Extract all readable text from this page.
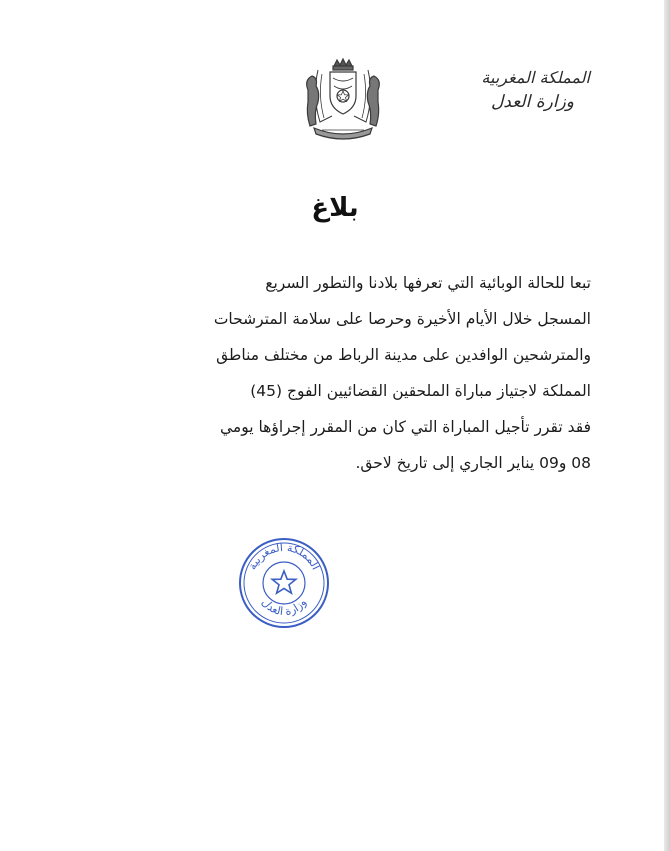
المملكة المغربية
وزارة العدل
بلاغ
تبعا للحالة الوبائية التي تعرفها بلادنا والتطور السريع
المسجل خلال الأيام الأخيرة وحرصا على سلامة المترشحات
والمترشحين الوافدين على مدينة الرباط من مختلف مناطق
المملكة لاجتياز مباراة الملحقين القضائيين الفوج (45)
فقد تقرر تأجيل المباراة التي كان من المقرر إجراؤها يومي
08 و09 يناير الجاري إلى تاريخ لاحق.
المملكة المغربية
وزارة العدل
